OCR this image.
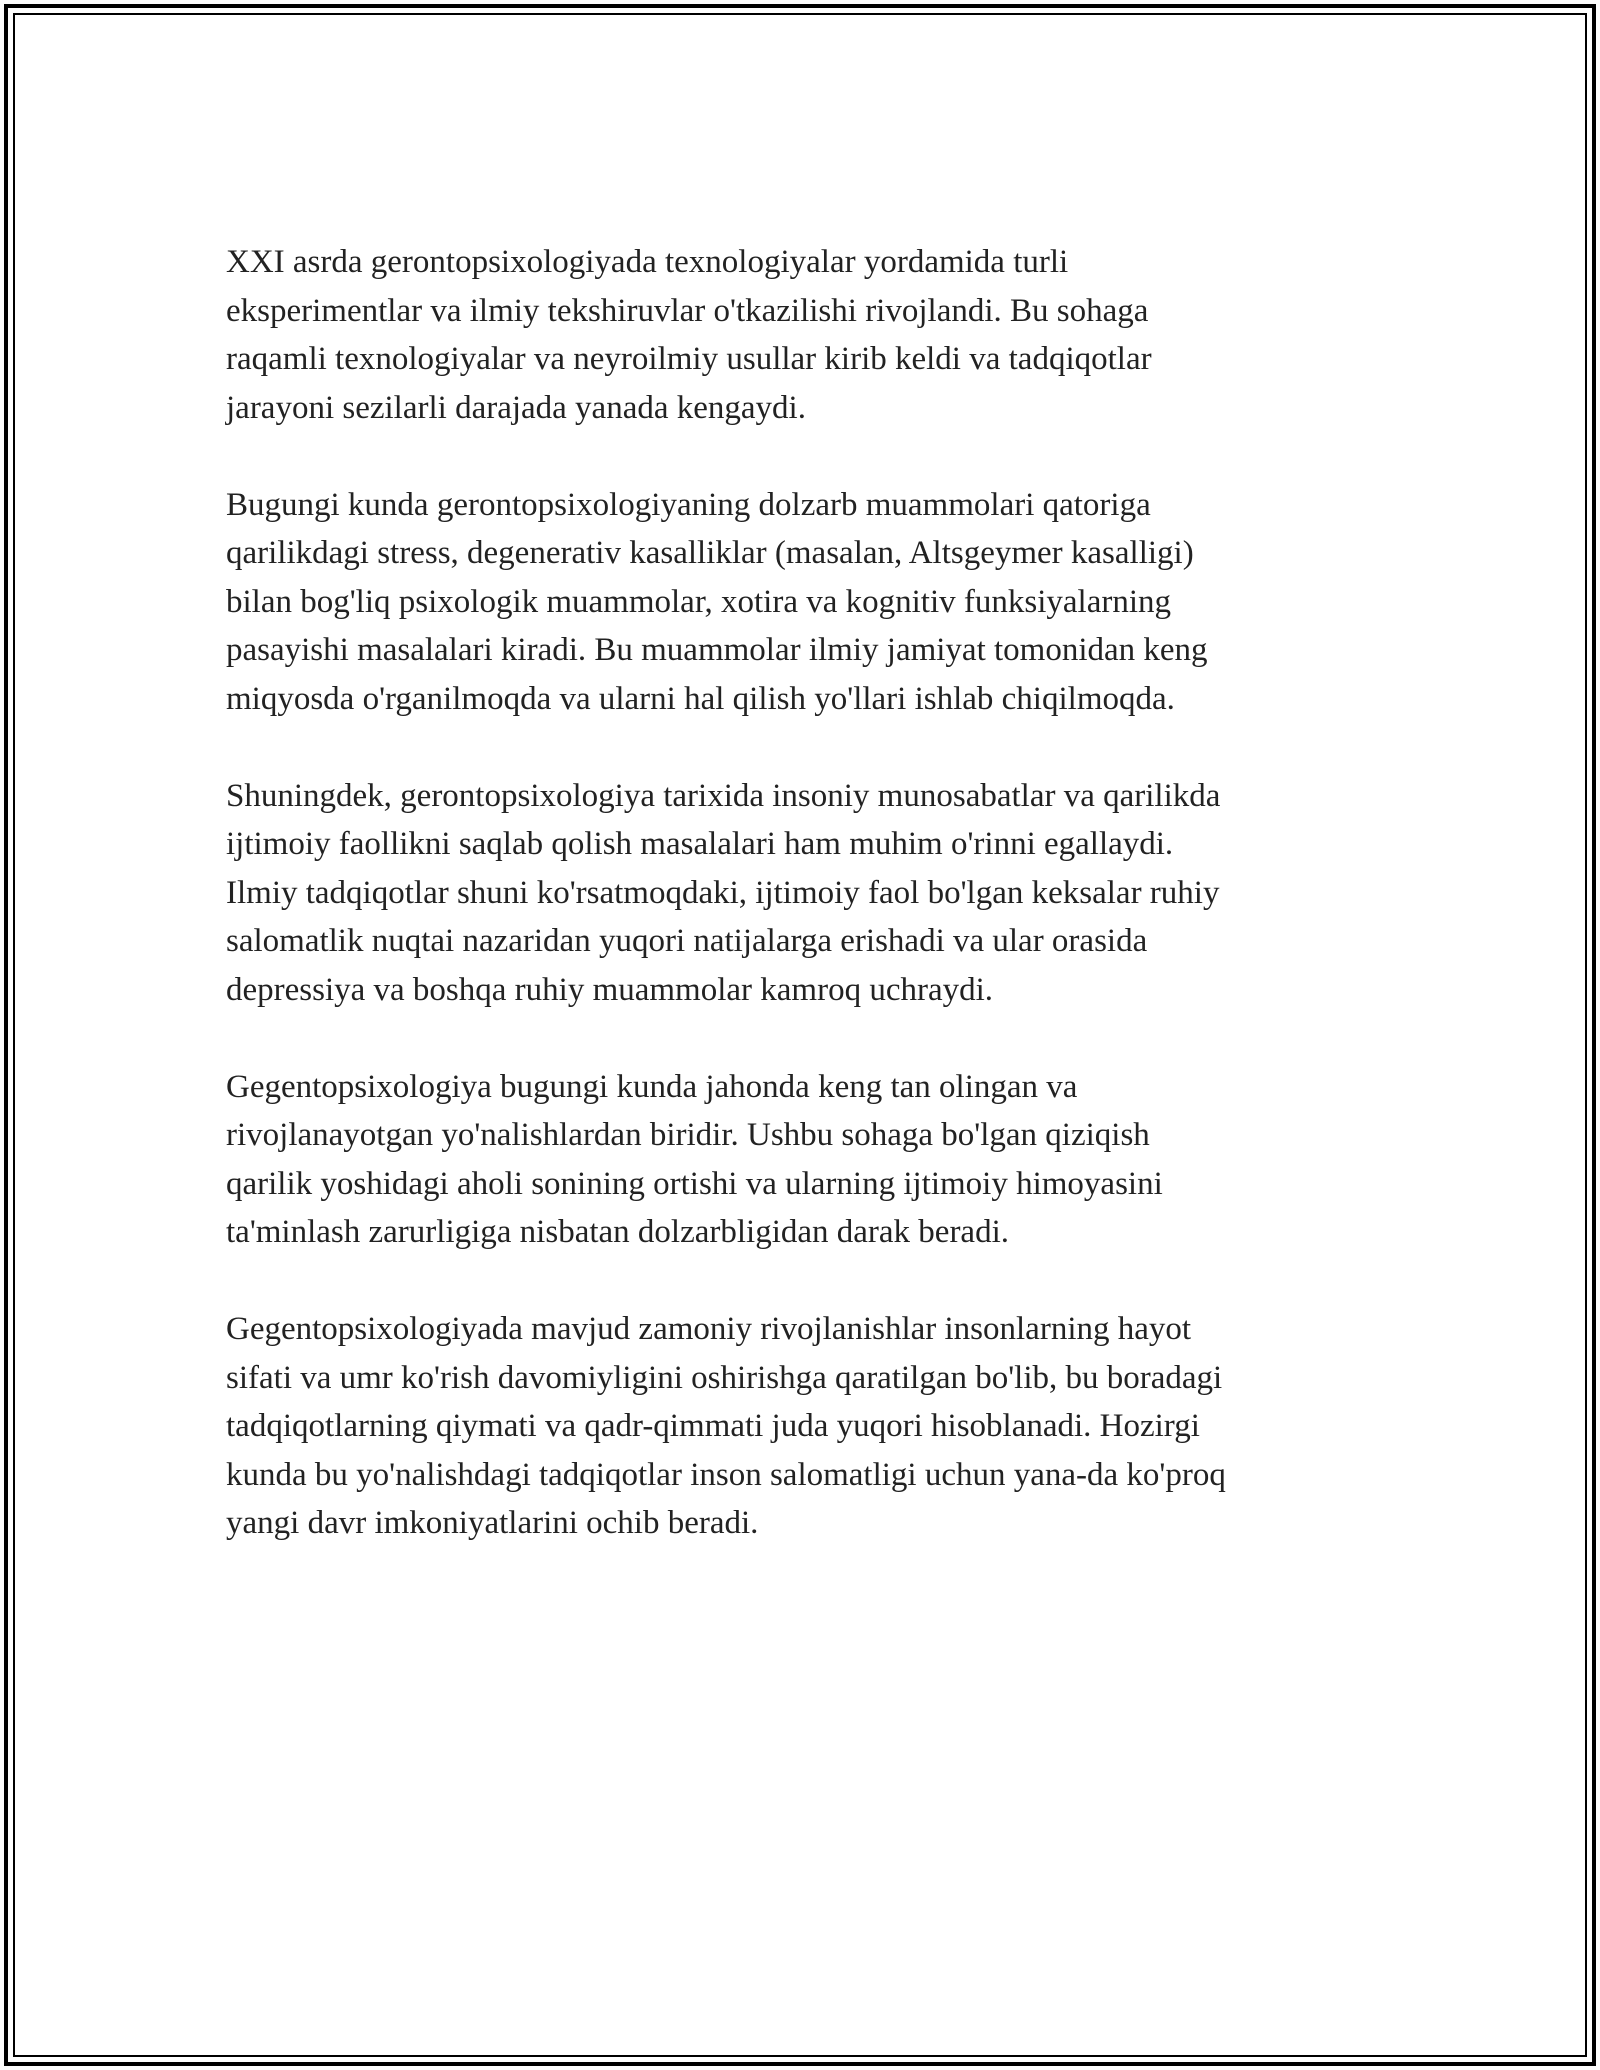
XXI asrda gerontopsixologiyada texnologiyalar yordamida turli
eksperimentlar va ilmiy tekshiruvlar o'tkazilishi rivojlandi. Bu sohaga
raqamli texnologiyalar va neyroilmiy usullar kirib keldi va tadqiqotlar
jarayoni sezilarli darajada yanada kengaydi.

Bugungi kunda gerontopsixologiyaning dolzarb muammolari qatoriga
qarilikdagi stress, degenerativ kasalliklar (masalan, Altsgeymer kasalligi)
bilan bog'liq psixologik muammolar, xotira va kognitiv funksiyalarning
pasayishi masalalari kiradi. Bu muammolar ilmiy jamiyat tomonidan keng
miqyosda o'rganilmoqda va ularni hal qilish yo'llari ishlab chiqilmoqda.

Shuningdek, gerontopsixologiya tarixida insoniy munosabatlar va qarilikda
ijtimoiy faollikni saqlab qolish masalalari ham muhim o'rinni egallaydi.
Ilmiy tadqiqotlar shuni ko'rsatmoqdaki, ijtimoiy faol bo'lgan keksalar ruhiy
salomatlik nuqtai nazaridan yuqori natijalarga erishadi va ular orasida
depressiya va boshqa ruhiy muammolar kamroq uchraydi.

Gegentopsixologiya bugungi kunda jahonda keng tan olingan va
rivojlanayotgan yo'nalishlardan biridir. Ushbu sohaga bo'lgan qiziqish
qarilik yoshidagi aholi sonining ortishi va ularning ijtimoiy himoyasini
ta'minlash zarurligiga nisbatan dolzarbligidan darak beradi.

Gegentopsixologiyada mavjud zamoniy rivojlanishlar insonlarning hayot
sifati va umr ko'rish davomiyligini oshirishga qaratilgan bo'lib, bu boradagi
tadqiqotlarning qiymati va qadr-qimmati juda yuqori hisoblanadi. Hozirgi
kunda bu yo'nalishdagi tadqiqotlar inson salomatligi uchun yana-da ko'proq
yangi davr imkoniyatlarini ochib beradi.
